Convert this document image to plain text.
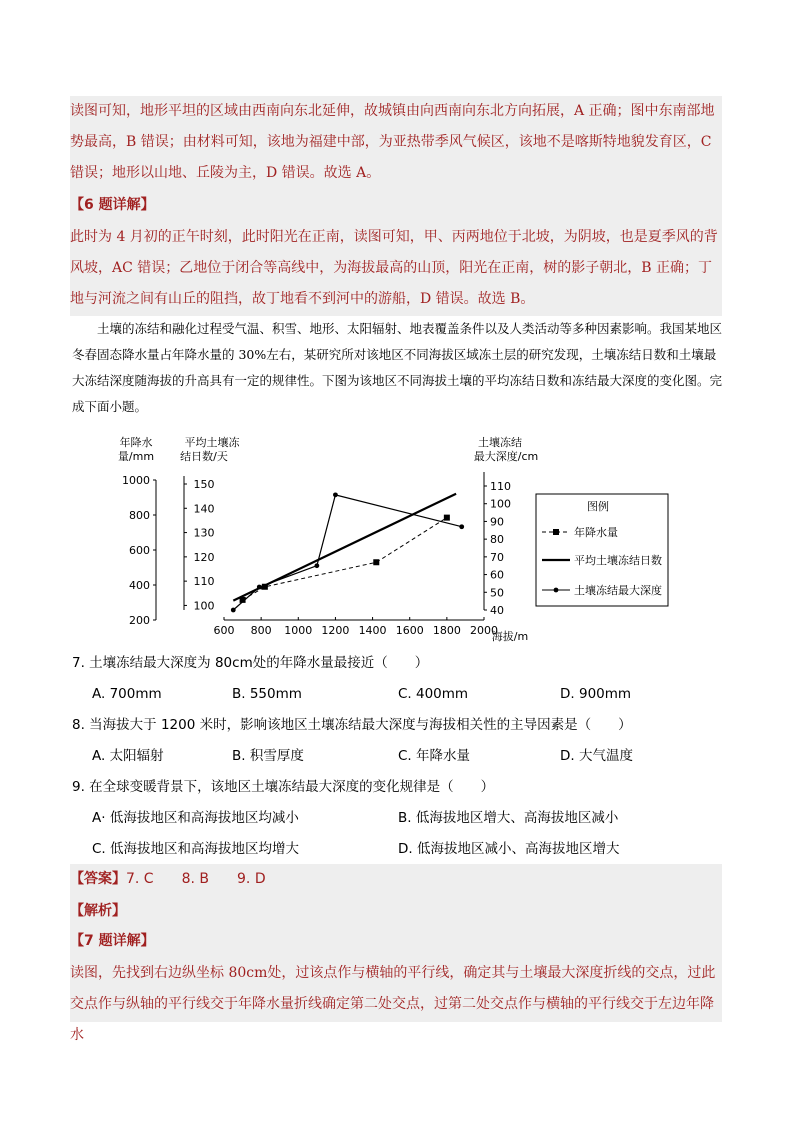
读图可知，地形平坦的区域由西南向东北延伸，故城镇由向西南向东北方向拓展，A 正确；图中东南部地势最高，B 错误；由材料可知，该地为福建中部，为亚热带季风气候区，该地不是喀斯特地貌发育区，C 错误；地形以山地、丘陵为主，D 错误。故选 A。

【6 题详解】

此时为 4 月初的正午时刻，此时阳光在正南，读图可知，甲、丙两地位于北坡，为阴坡，也是夏季风的背风坡，AC 错误；乙地位于闭合等高线中，为海拔最高的山顶，阳光在正南，树的影子朝北，B 正确；丁地与河流之间有山丘的阻挡，故丁地看不到河中的游船，D 错误。故选 B。

土壤的冻结和融化过程受气温、积雪、地形、太阳辐射、地表覆盖条件以及人类活动等多种因素影响。我国某地区冬春固态降水量占年降水量的 30%左右，某研究所对该地区不同海拔区域冻土层的研究发现，土壤冻结日数和土壤最大冻结深度随海拔的升高具有一定的规律性。下图为该地区不同海拔土壤的平均冻结日数和冻结最大深度的变化图。完成下面小题。

600 800 1000 1200 1400 1600 1800 2000
海拔/m
200
400
600
800
1000
年降水
量/mm
100
110
120
130
140
150
平均土壤冻
结日数/天
40
50
60
70
80
90
100
110
土壤冻结
最大深度/cm
图例
年降水量
平均土壤冻结日数
土壤冻结最大深度
7. 土壤冻结最大深度为 80cm处的年降水量最接近（　　）
A. 700mm	B. 550mm	C. 400mm	D. 900mm
8. 当海拔大于 1200 米时，影响该地区土壤冻结最大深度与海拔相关性的主导因素是（　　）
A. 太阳辐射	B. 积雪厚度	C. 年降水量	D. 大气温度
9. 在全球变暖背景下，该地区土壤冻结最大深度的变化规律是（　　）
A· 低海拔地区和高海拔地区均减小	B. 低海拔地区增大、高海拔地区减小
C. 低海拔地区和高海拔地区均增大	D. 低海拔地区减小、高海拔地区增大
【答案】7. C 8. B 9. D
【解析】
【7 题详解】

读图，先找到右边纵坐标 80cm处，过该点作与横轴的平行线，确定其与土壤最大深度折线的交点，过此交点作与纵轴的平行线交于年降水量折线确定第二处交点，过第二处交点作与横轴的平行线交于左边年降水
